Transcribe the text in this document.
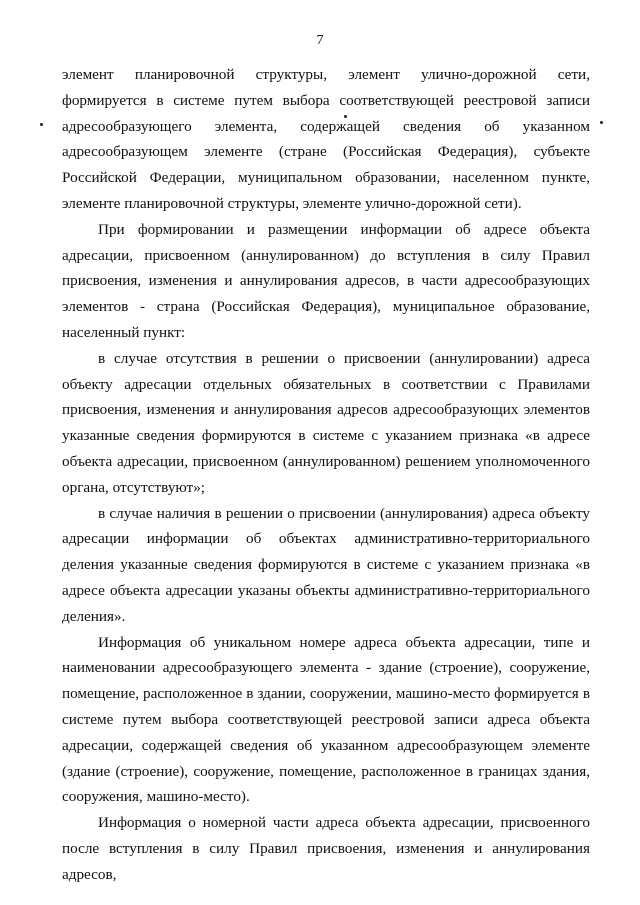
7

элемент планировочной структуры, элемент улично-дорожной сети, формируется в системе путем выбора соответствующей реестровой записи адресообразующего элемента, содержащей сведения об указанном адресообразующем элементе (стране (Российская Федерация), субъекте Российской Федерации, муниципальном образовании, населенном пункте, элементе планировочной структуры, элементе улично-дорожной сети).

При формировании и размещении информации об адресе объекта адресации, присвоенном (аннулированном) до вступления в силу Правил присвоения, изменения и аннулирования адресов, в части адресообразующих элементов - страна (Российская Федерация), муниципальное образование, населенный пункт:

в случае отсутствия в решении о присвоении (аннулировании) адреса объекту адресации отдельных обязательных в соответствии с Правилами присвоения, изменения и аннулирования адресов адресообразующих элементов указанные сведения формируются в системе с указанием признака «в адресе объекта адресации, присвоенном (аннулированном) решением уполномоченного органа, отсутствуют»;

в случае наличия в решении о присвоении (аннулирования) адреса объекту адресации информации об объектах административно-территориального деления указанные сведения формируются в системе с указанием признака «в адресе объекта адресации указаны объекты административно-территориального деления».

Информация об уникальном номере адреса объекта адресации, типе и наименовании адресообразующего элемента - здание (строение), сооружение, помещение, расположенное в здании, сооружении, машино-место формируется в системе путем выбора соответствующей реестровой записи адреса объекта адресации, содержащей сведения об указанном адресообразующем элементе (здание (строение), сооружение, помещение, расположенное в границах здания, сооружения, машино-место).

Информация о номерной части адреса объекта адресации, присвоенного после вступления в силу Правил присвоения, изменения и аннулирования адресов,
